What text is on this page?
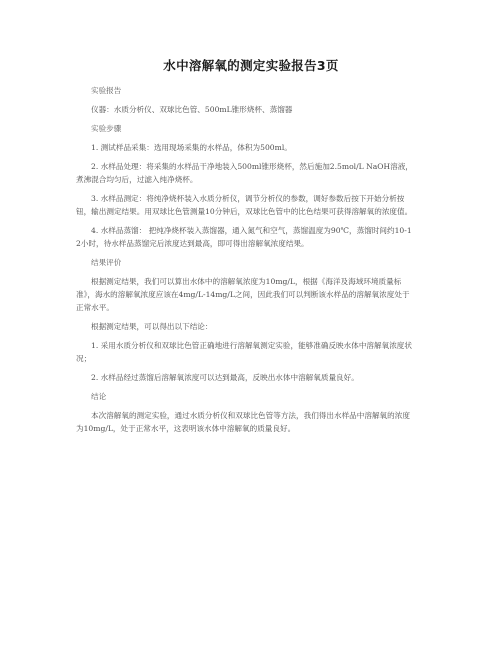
水中溶解氧的测定实验报告3页

实验报告

仪器：水质分析仪、双球比色管、500mL锥形烧杯、蒸馏器

实验步骤

1. 测试样品采集：选用现场采集的水样品，体积为500ml。

2. 水样品处理：将采集的水样品干净地装入500ml锥形烧杯，然后施加2.5mol/L NaOH溶液，煮沸混合均匀后，过滤入纯净烧杯。

3. 水样品测定：将纯净烧杯装入水质分析仪，调节分析仪的参数，调好参数后按下开始分析按钮，输出测定结果。用双球比色管测量10分钟后，双球比色管中的比色结果可获得溶解氧的浓度值。

4. 水样品蒸馏： 把纯净烧杯装入蒸馏器，通入氮气和空气，蒸馏温度为90℃，蒸馏时间约10-12小时，待水样品蒸馏完后浓度达到最高，即可得出溶解氧浓度结果。

结果评价

根据测定结果，我们可以算出水体中的溶解氧浓度为10mg/L，根据《海洋及海域环境质量标准》，海水的溶解氧浓度应该在4mg/L-14mg/L之间，因此我们可以判断该水样品的溶解氧浓度处于正常水平。

根据测定结果，可以得出以下结论：

1. 采用水质分析仪和双球比色管正确地进行溶解氧测定实验，能够准确反映水体中溶解氧浓度状况；

2. 水样品经过蒸馏后溶解氧浓度可以达到最高，反映出水体中溶解氧质量良好。

结论

本次溶解氧的测定实验，通过水质分析仪和双球比色管等方法，我们得出水样品中溶解氧的浓度为10mg/L，处于正常水平，这表明该水体中溶解氧的质量良好。
